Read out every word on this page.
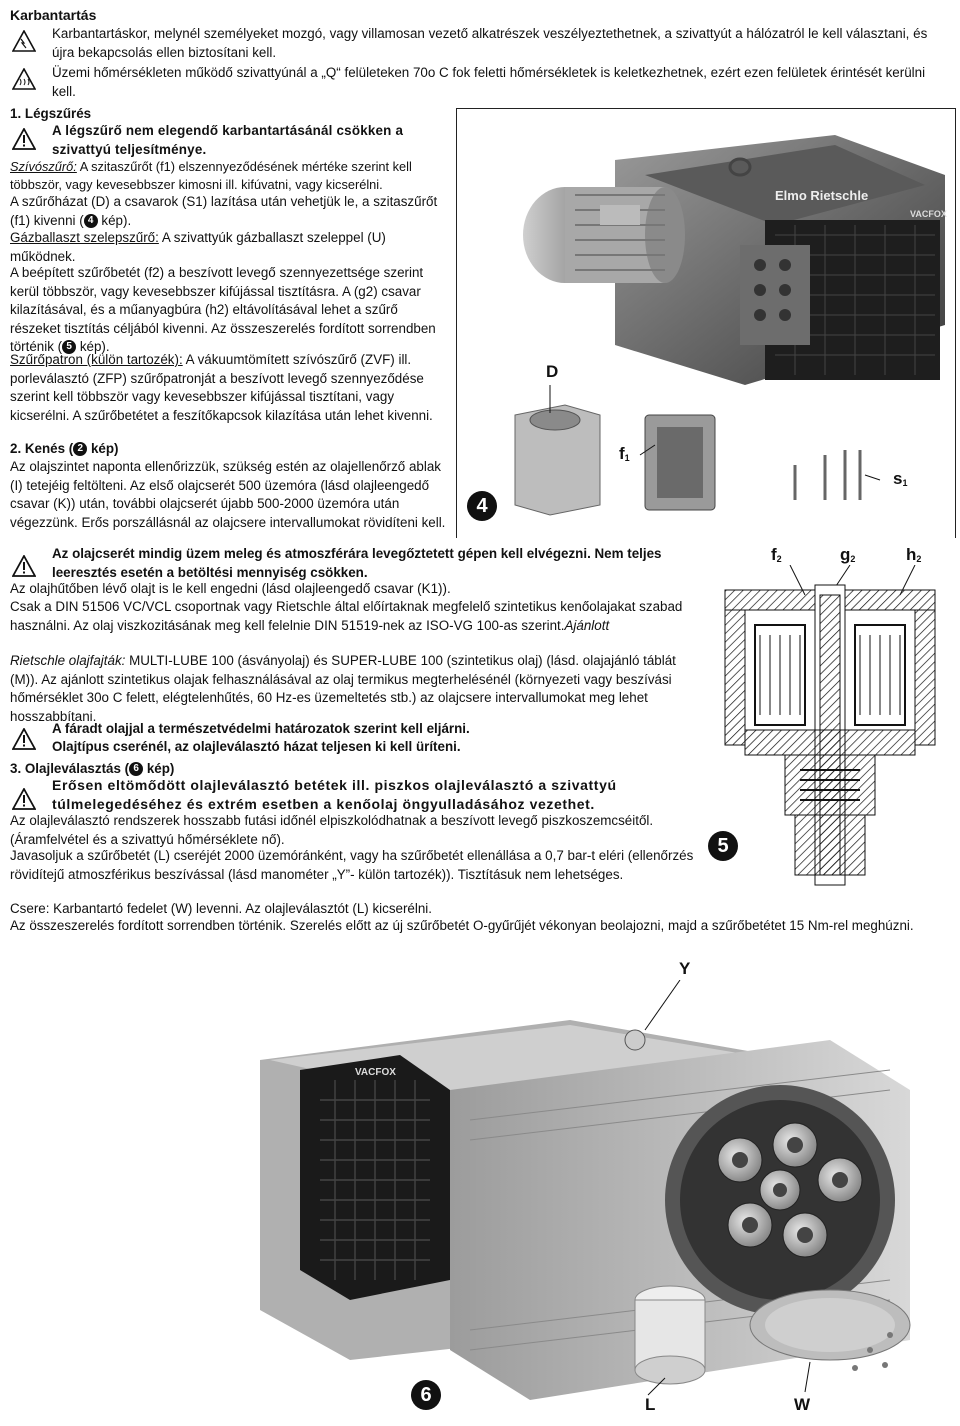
Karbantartás
Karbantartáskor, melynél személyeket mozgó, vagy villamosan vezető alkatrészek veszélyeztethetnek, a szivattyút a hálózatról le kell választani, és újra bekapcsolás ellen biztosítani kell.
Üzemi hőmérsékleten működő szivattyúnál a „Q“ felületeken 70o C fok feletti hőmérsékletek is keletkezhetnek, ezért ezen felületek érintését kerülni kell.
1. Légszűrés
A légszűrő nem elegendő karbantartásánál csökken a szivattyú teljesítménye.
Szívószűrő: A szitaszűrőt (f1) elszennyeződésének mértéke szerint kell többször, vagy kevesebbszer kimosni ill. kifúvatni, vagy kicserélni.
A szűrőházat (D) a csavarok (S1) lazítása után vehetjük le, a szitaszűrőt (f1) kivenni ( 4 kép).
Gázballaszt szelepszűrő: A szivattyúk gázballaszt szeleppel (U) működnek.
A beépített szűrőbetét (f2) a beszívott levegő szennyezettsége szerint kerül többször, vagy kevesebbszer kifújással tisztításra. A (g2) csavar kilazításával, és a műanyagbúra (h2) eltávolításával lehet a szűrő részeket tisztítás céljából kivenni. Az összeszerelés fordított sorrendben történik ( 5 kép).
Szűrőpatron (külön tartozék): A vákuumtömített szívószűrő (ZVF) ill. porleválasztó (ZFP) szűrőpatronját a beszívott levegő szennyeződése szerint kell többször vagy kevesebbszer kifújással tisztítani, vagy kicserélni. A szűrőbetétet a feszítőkapcsok kilazítása után lehet kivenni.
2. Kenés ( 2 kép)
Az olajszintet naponta ellenőrizzük, szükség estén az olajellenőrző ablak (I) tetejéig feltölteni. Az első olajcserét 500 üzemóra (lásd olajleengedő csavar (K)) után, további olajcserét újabb 500-2000 üzemóra után végezzünk. Erős porszállásnál az olajcsere intervallumokat rövidíteni kell.
Az olajcserét mindig üzem meleg és atmoszférára levegőztetett gépen kell elvégezni. Nem teljes leeresztés esetén a betöltési mennyiség csökken.
Az olajhűtőben lévő olajt is le kell engedni (lásd olajleengedő csavar (K1)).
Csak a DIN 51506 VC/VCL csoportnak vagy Rietschle által előírtaknak megfelelő szintetikus kenőolajakat szabad használni. Az olaj viszkozitásának meg kell felelnie DIN 51519-nek az ISO-VG 100-as szerint.Ajánlott
Rietschle olajfajták: MULTI-LUBE 100 (ásványolaj) és SUPER-LUBE 100 (szintetikus olaj) (lásd. olajajánló táblát (M)). Az ajánlott szintetikus olajak felhasználásával az olaj termikus megterhelésénél (környezeti vagy beszívási hőmérséklet 30o C felett, elégtelenhűtés, 60 Hz-es üzemeltetés stb.) az olajcsere intervallumokat meg lehet hosszabbítani.
A fáradt olajjal a természetvédelmi határozatok szerint kell eljárni.
Olajtípus cserénél, az olajleválasztó házat teljesen ki kell üríteni.
3. Olajleválasztás ( 6 kép)
Erősen eltömődött olajleválasztó betétek ill. piszkos olajleválasztó a szivattyú túlmelegedéséhez és extrém esetben a kenőolaj öngyulladásához vezethet.
Az olajleválasztó rendszerek hosszabb futási időnél elpiszkolódhatnak a beszívott levegő piszkoszemcséitől. (Áramfelvétel és a szivattyú hőmérséklete nő).
Javasoljuk a szűrőbetét (L) cseréjét 2000 üzemóránként, vagy ha szűrőbetét ellenállása a 0,7 bar-t eléri (ellenőrzés rövidítejű atmoszférikus beszívással (lásd manométer „Y”- külön tartozék)). Tisztításuk nem lehetséges.
Csere: Karbantartó fedelet (W) levenni. Az olajleválasztót (L) kicserélni.
Az összeszerelés fordított sorrendben történik. Szerelés előtt az új szűrőbetét O-gyűrűjét vékonyan beolajozni, majd a szűrőbetétet 15 Nm-rel meghúzni.
Elmo Rietschle
VACFOX
D
$f_1$
$s_1$
4
$f_2$	$g_2$	$h_2$
5
Y
VACFOX
6	L	W
